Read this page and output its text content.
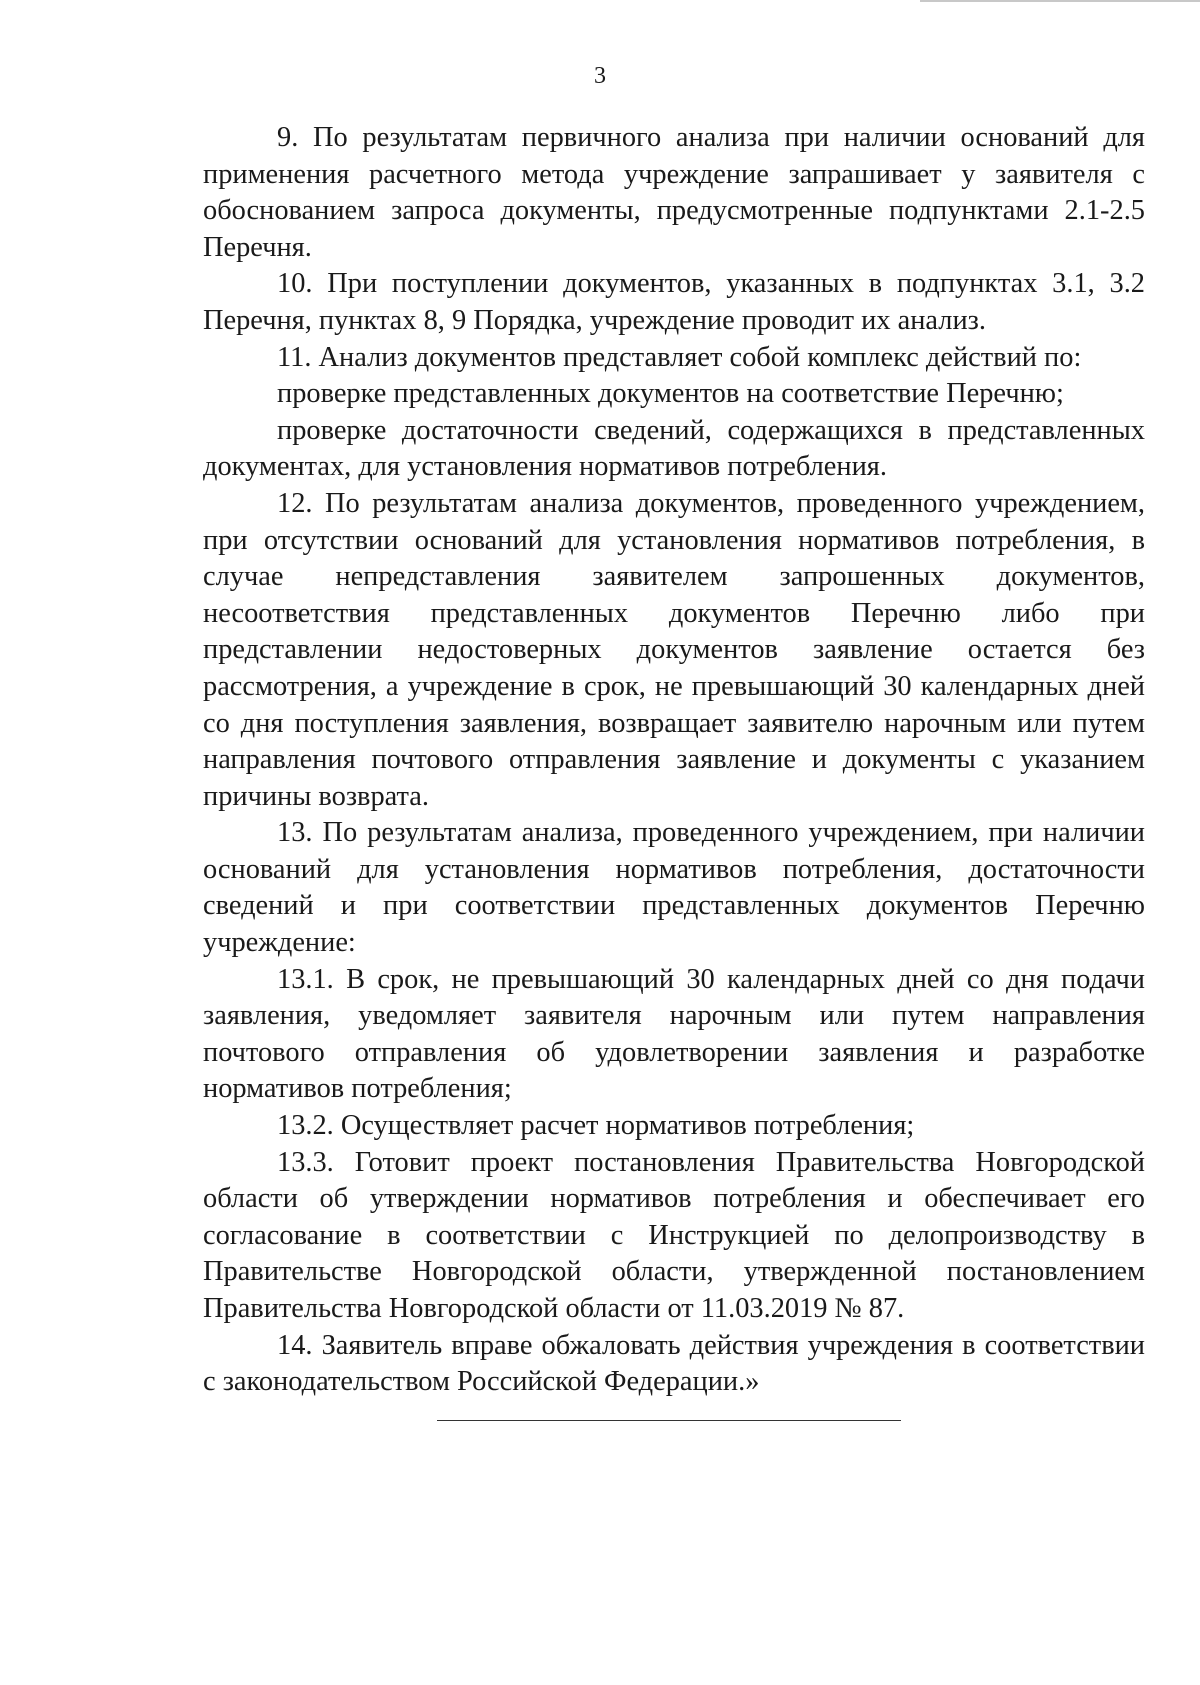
3

9. По результатам первичного анализа при наличии оснований для применения расчетного метода учреждение запрашивает у заявителя с обоснованием запроса документы, предусмотренные подпунктами 2.1-2.5 Перечня.

10. При поступлении документов, указанных в подпунктах 3.1, 3.2 Перечня, пунктах 8, 9 Порядка, учреждение проводит их анализ.

11. Анализ документов представляет собой комплекс действий по:

проверке представленных документов на соответствие Перечню;

проверке достаточности сведений, содержащихся в представленных документах, для установления нормативов потребления.

12. По результатам анализа документов, проведенного учреждением, при отсутствии оснований для установления нормативов потребления, в случае непредставления заявителем запрошенных документов, несоответствия представленных документов Перечню либо при представлении недостоверных документов заявление остается без рассмотрения, а учреждение в срок, не превышающий 30 календарных дней со дня поступления заявления, возвращает заявителю нарочным или путем направления почтового отправления заявление и документы с указанием причины возврата.

13. По результатам анализа, проведенного учреждением, при наличии оснований для установления нормативов потребления, достаточности сведений и при соответствии представленных документов Перечню учреждение:

13.1. В срок, не превышающий 30 календарных дней со дня подачи заявления, уведомляет заявителя нарочным или путем направления почтового отправления об удовлетворении заявления и разработке нормативов потребления;

13.2. Осуществляет расчет нормативов потребления;

13.3. Готовит проект постановления Правительства Новгородской области об утверждении нормативов потребления и обеспечивает его согласование в соответствии с Инструкцией по делопроизводству в Правительстве Новгородской области, утвержденной постановлением Правительства Новгородской области от 11.03.2019 № 87.

14. Заявитель вправе обжаловать действия учреждения в соответствии с законодательством Российской Федерации.»
